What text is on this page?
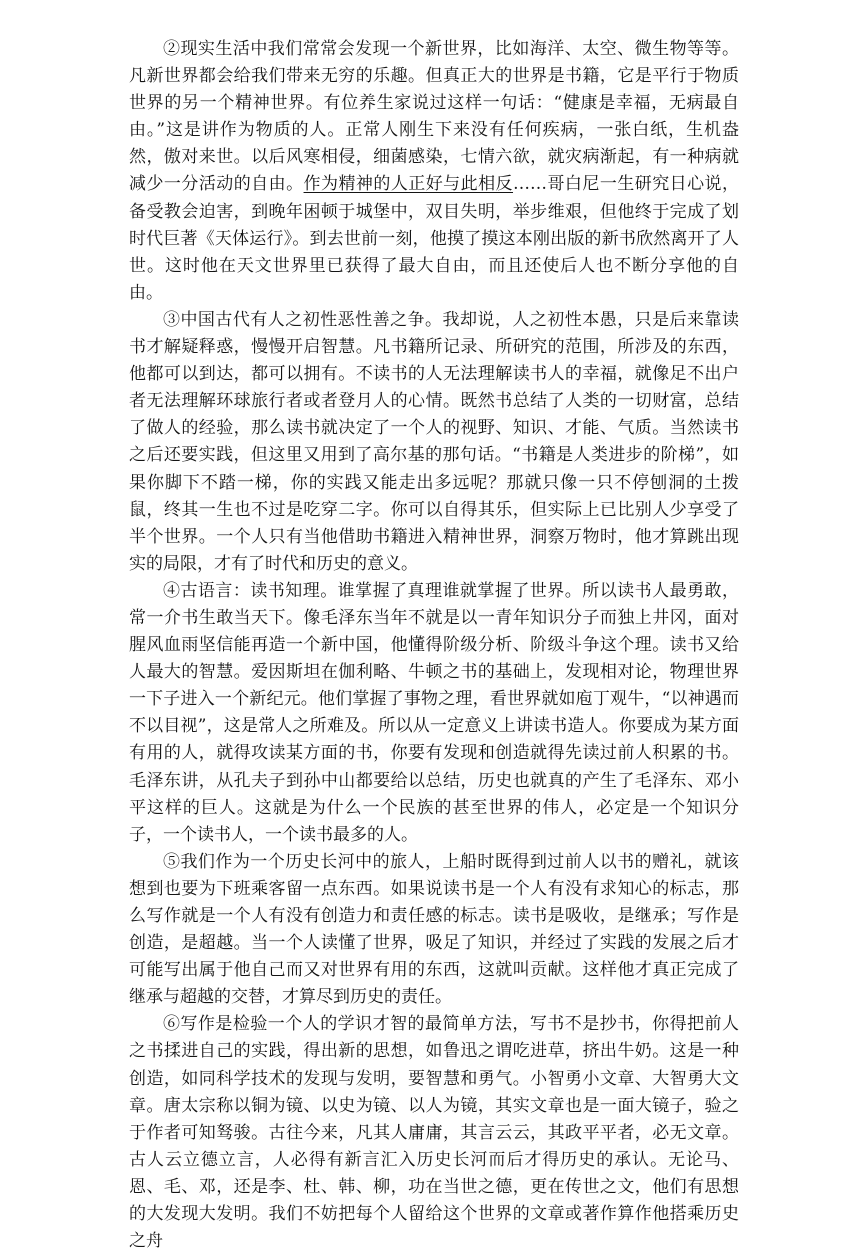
②现实生活中我们常常会发现一个新世界，比如海洋、太空、微生物等等。凡新世界都会给我们带来无穷的乐趣。但真正大的世界是书籍，它是平行于物质世界的另一个精神世界。有位养生家说过这样一句话：“健康是幸福，无病最自由。”这是讲作为物质的人。正常人刚生下来没有任何疾病，一张白纸，生机盎然，傲对来世。以后风寒相侵，细菌感染，七情六欲，就灾病渐起，有一种病就减少一分活动的自由。作为精神的人正好与此相反……哥白尼一生研究日心说，备受教会迫害，到晚年困顿于城堡中，双目失明，举步维艰，但他终于完成了划时代巨著《天体运行》。到去世前一刻，他摸了摸这本刚出版的新书欣然离开了人世。这时他在天文世界里已获得了最大自由，而且还使后人也不断分享他的自由。

③中国古代有人之初性恶性善之争。我却说，人之初性本愚，只是后来靠读书才解疑释惑，慢慢开启智慧。凡书籍所记录、所研究的范围，所涉及的东西，他都可以到达，都可以拥有。不读书的人无法理解读书人的幸福，就像足不出户者无法理解环球旅行者或者登月人的心情。既然书总结了人类的一切财富，总结了做人的经验，那么读书就决定了一个人的视野、知识、才能、气质。当然读书之后还要实践，但这里又用到了高尔基的那句话。“书籍是人类进步的阶梯”，如果你脚下不踏一梯，你的实践又能走出多远呢？那就只像一只不停刨洞的土拨鼠，终其一生也不过是吃穿二字。你可以自得其乐，但实际上已比别人少享受了半个世界。一个人只有当他借助书籍进入精神世界，洞察万物时，他才算跳出现实的局限，才有了时代和历史的意义。

④古语言：读书知理。谁掌握了真理谁就掌握了世界。所以读书人最勇敢，常一介书生敢当天下。像毛泽东当年不就是以一青年知识分子而独上井冈，面对腥风血雨坚信能再造一个新中国，他懂得阶级分析、阶级斗争这个理。读书又给人最大的智慧。爱因斯坦在伽利略、牛顿之书的基础上，发现相对论，物理世界一下子进入一个新纪元。他们掌握了事物之理，看世界就如庖丁观牛，“以神遇而不以目视”，这是常人之所难及。所以从一定意义上讲读书造人。你要成为某方面有用的人，就得攻读某方面的书，你要有发现和创造就得先读过前人积累的书。毛泽东讲，从孔夫子到孙中山都要给以总结，历史也就真的产生了毛泽东、邓小平这样的巨人。这就是为什么一个民族的甚至世界的伟人，必定是一个知识分子，一个读书人，一个读书最多的人。

⑤我们作为一个历史长河中的旅人，上船时既得到过前人以书的赠礼，就该想到也要为下班乘客留一点东西。如果说读书是一个人有没有求知心的标志，那么写作就是一个人有没有创造力和责任感的标志。读书是吸收，是继承；写作是创造，是超越。当一个人读懂了世界，吸足了知识，并经过了实践的发展之后才可能写出属于他自己而又对世界有用的东西，这就叫贡献。这样他才真正完成了继承与超越的交替，才算尽到历史的责任。

⑥写作是检验一个人的学识才智的最简单方法，写书不是抄书，你得把前人之书揉进自己的实践，得出新的思想，如鲁迅之谓吃进草，挤出牛奶。这是一种创造，如同科学技术的发现与发明，要智慧和勇气。小智勇小文章、大智勇大文章。唐太宗称以铜为镜、以史为镜、以人为镜，其实文章也是一面大镜子，验之于作者可知驽骏。古往今来，凡其人庸庸，其言云云，其政平平者，必无文章。古人云立德立言，人必得有新言汇入历史长河而后才得历史的承认。无论马、恩、毛、邓，还是李、杜、韩、柳，功在当世之德，更在传世之文，他们有思想的大发现大发明。我们不妨把每个人留给这个世界的文章或著作算作他搭乘历史之舟
